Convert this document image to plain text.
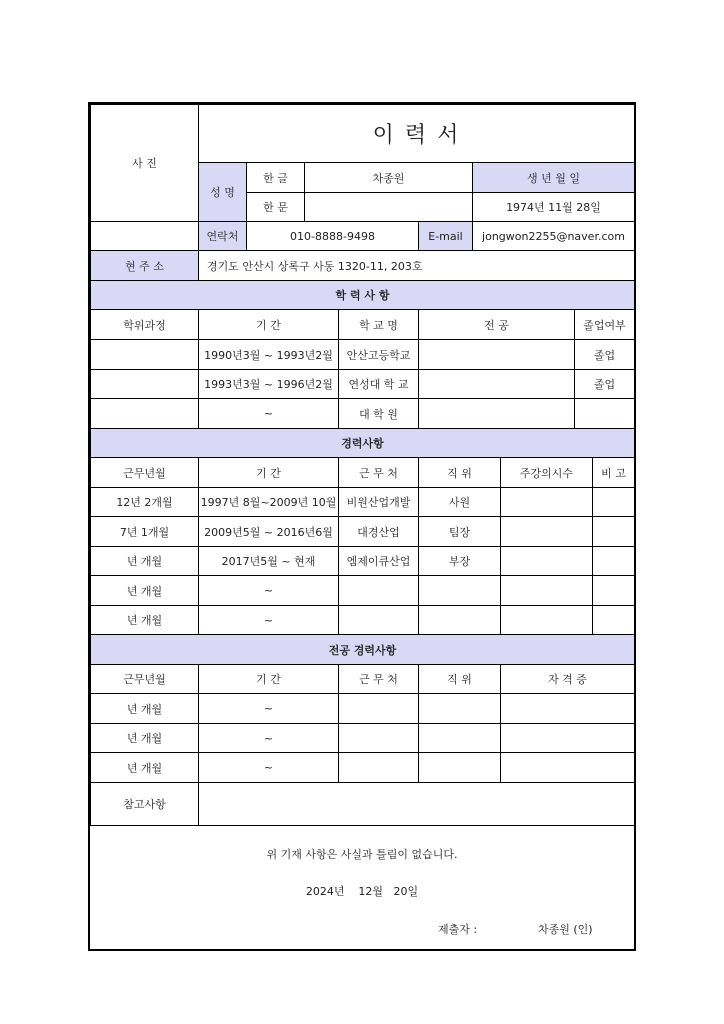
사 진	이 력 서								
	성 명	한 글	차종원			생 년 월 일			
		한 문				1974년 11월 28일			
	연락처	010-8888-9498			E-mail	jongwon2255@naver.com			
현 주 소	경기도 안산시 상록구 사동 1320-11, 203호								
학 력 사 항									
학위과정	기 간			학 교 명	전 공			졸업여부	
	1990년3월 ~ 1993년2월			안산고등학교				졸업	
	1993년3월 ~ 1996년2월			연성대 학 교				졸업	
	~			대 학 원					
경력사항									
근무년월	기 간			근 무 처	직 위		주강의시수		비 고
12년 2개월	1997년 8월~2009년 10월			비원산업개발	사원				
7년 1개월	2009년5월 ~ 2016년6월			대경산업	팀장				
년 개월	2017년5월 ~ 현재			엠제이큐산업	부장				
년 개월	~								
년 개월	~								
전공 경력사항									
근무년월	기 간			근 무 처	직 위		자 격 증		
년 개월	~								
년 개월	~								
년 개월	~								
참고사항									
위 기재 사항은 사실과 틀림이 없습니다.
2024년    12월   20일
제출자 :	차종원 (인)
